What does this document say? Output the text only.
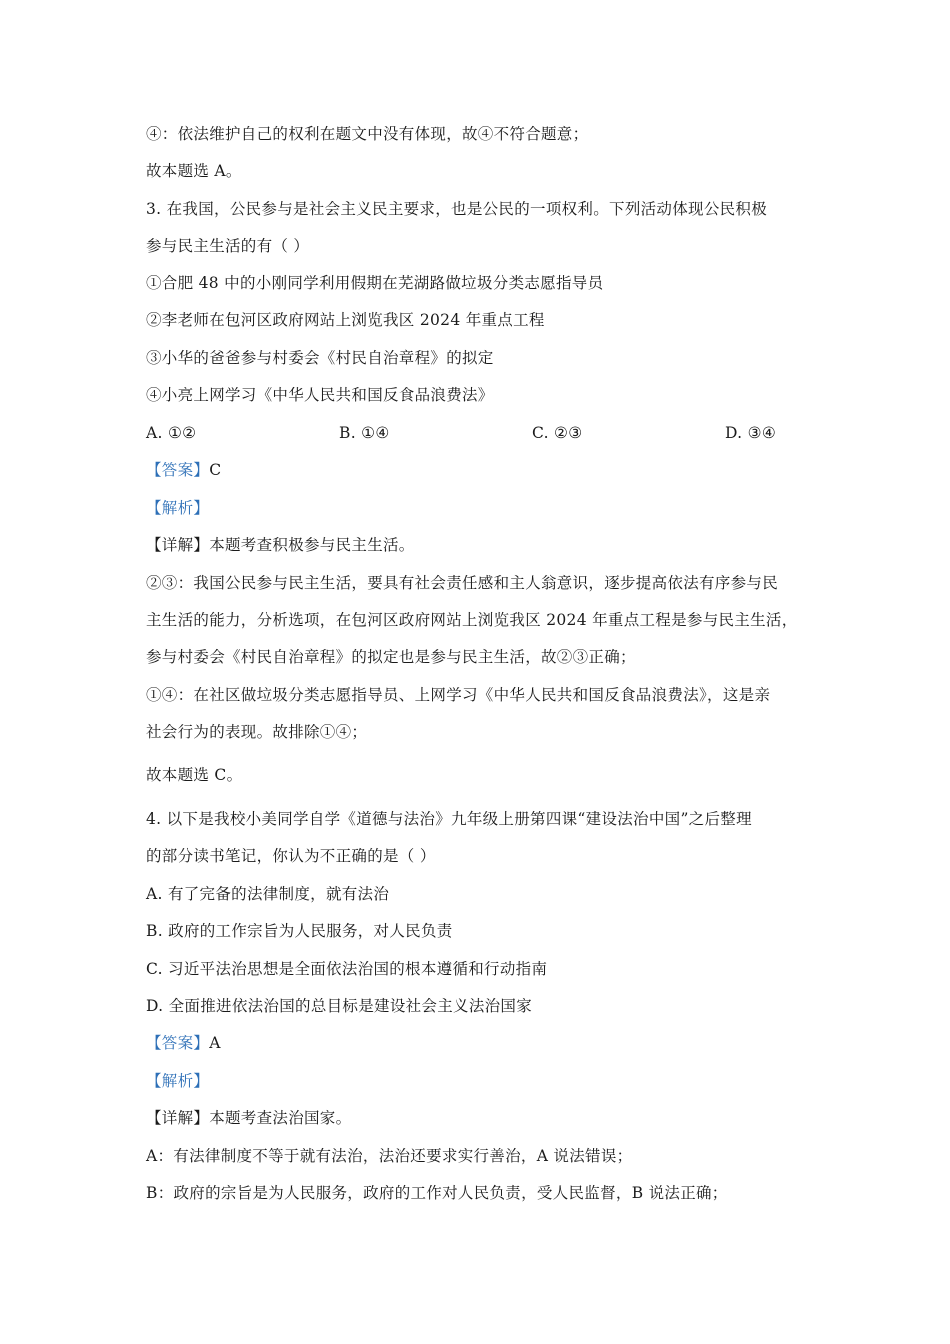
④：依法维护自己的权利在题文中没有体现，故④不符合题意；
故本题选 A。
3. 在我国，公民参与是社会主义民主要求，也是公民的一项权利。下列活动体现公民积极
参与民主生活的有（ ）
①合肥 48 中的小刚同学利用假期在芜湖路做垃圾分类志愿指导员
②李老师在包河区政府网站上浏览我区 2024 年重点工程
③小华的爸爸参与村委会《村民自治章程》的拟定
④小亮上网学习《中华人民共和国反食品浪费法》
A. ①②	B. ①④	C. ②③	D. ③④
【答案】C
【解析】
【详解】本题考查积极参与民主生活。
②③：我国公民参与民主生活，要具有社会责任感和主人翁意识，逐步提高依法有序参与民
主生活的能力，分析选项，在包河区政府网站上浏览我区 2024 年重点工程是参与民主生活，
参与村委会《村民自治章程》的拟定也是参与民主生活，故②③正确；
①④：在社区做垃圾分类志愿指导员、上网学习《中华人民共和国反食品浪费法》，这是亲
社会行为的表现。故排除①④；
故本题选 C。
4. 以下是我校小美同学自学《道德与法治》九年级上册第四课“建设法治中国”之后整理
的部分读书笔记，你认为不正确的是（ ）
A. 有了完备的法律制度，就有法治
B. 政府的工作宗旨为人民服务，对人民负责
C. 习近平法治思想是全面依法治国的根本遵循和行动指南
D. 全面推进依法治国的总目标是建设社会主义法治国家
【答案】A
【解析】
【详解】本题考查法治国家。
A：有法律制度不等于就有法治，法治还要求实行善治，A 说法错误；
B：政府的宗旨是为人民服务，政府的工作对人民负责，受人民监督，B 说法正确；
